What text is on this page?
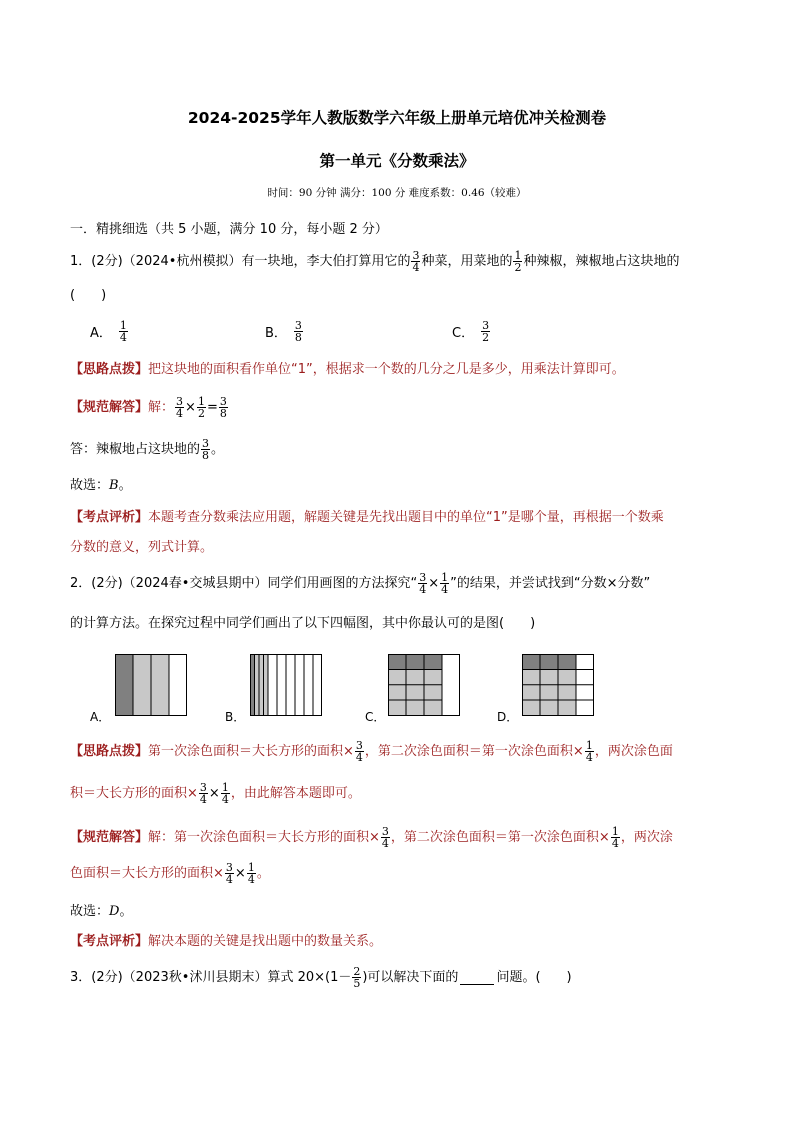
2024-2025学年人教版数学六年级上册单元培优冲关检测卷
第一单元《分数乘法》
时间：90 分钟 满分：100 分 难度系数：0.46（较难）
一．精挑细选（共 5 小题，满分 10 分，每小题 2 分）
1．(2分)（2024•杭州模拟）有一块地，李大伯打算用它的 $\frac{3}{4}$ 种菜，用菜地的 $\frac{1}{2}$ 种辣椒，辣椒地占这块地的
(　　)
A． $\frac{1}{4}$	B． $\frac{3}{8}$	C． $\frac{3}{2}$
【思路点拨】 把这块地的面积看作单位“1”，根据求一个数的几分之几是多少，用乘法计算即可。
【规范解答】 解： $\frac{3}{4} \times \frac{1}{2} = \frac{3}{8}$
答：辣椒地占这块地的 $\frac{3}{8}$ 。
故选： B 。
【考点评析】 本题考查分数乘法应用题，解题关键是先找出题目中的单位“1”是哪个量，再根据一个数乘
分数的意义，列式计算。
2．(2分)（2024春•交城县期中）同学们用画图的方法探究“ $\frac{3}{4} \times \frac{1}{4}$ ”的结果，并尝试找到“分数×分数”
的计算方法。在探究过程中同学们画出了以下四幅图，其中你最认可的是图(　　)
A．	B．	C．	D．
【思路点拨】 第一次涂色面积＝大长方形的面积× $\frac{3}{4}$ ，第二次涂色面积＝第一次涂色面积× $\frac{1}{4}$ ，两次涂色面
积＝大长方形的面积× $\frac{3}{4} \times \frac{1}{4}$ ，由此解答本题即可。
【规范解答】 解：第一次涂色面积＝大长方形的面积× $\frac{3}{4}$ ，第二次涂色面积＝第一次涂色面积× $\frac{1}{4}$ ，两次涂
色面积＝大长方形的面积× $\frac{3}{4} \times \frac{1}{4}$ 。
故选： D 。
【考点评析】 解决本题的关键是找出题中的数量关系。
3．(2分)（2023秋•沭川县期末）算式 $20\times(1- \frac{2}{5}$ )可以解决下面的	问题。(　　)
